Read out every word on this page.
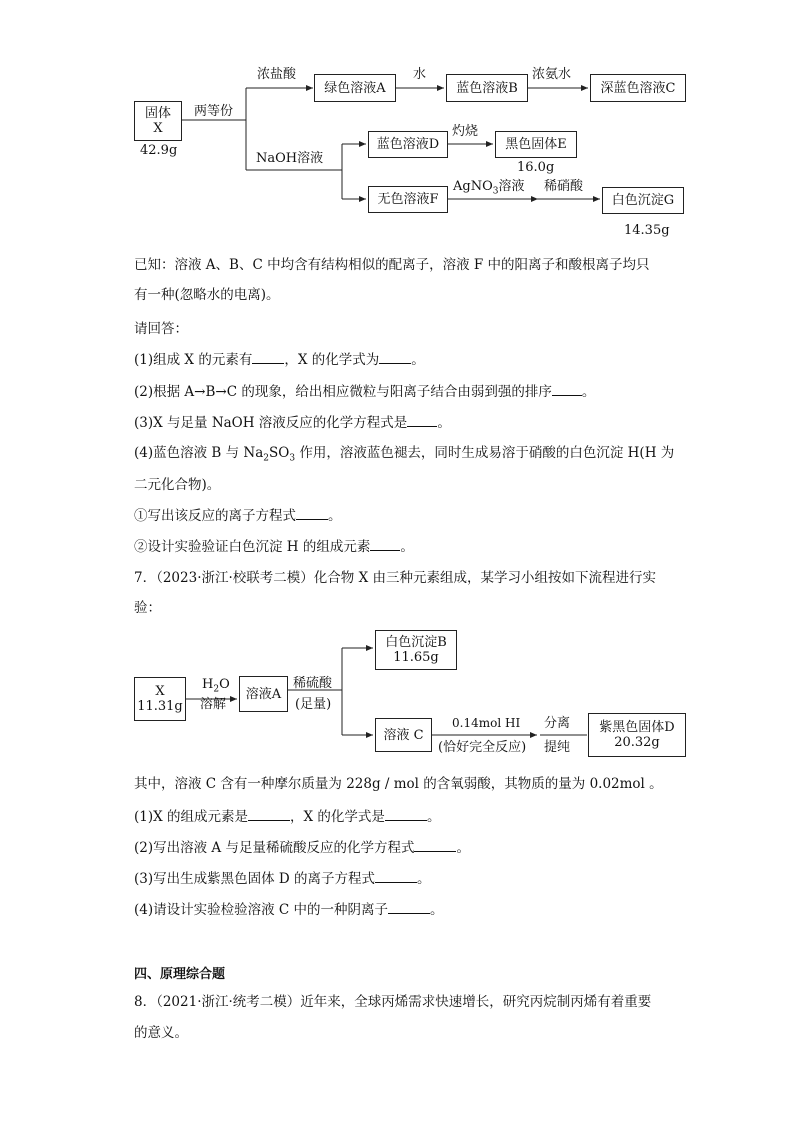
固体
X
42.9g
两等份
浓盐酸
绿色溶液A
水
蓝色溶液B
浓氨水
深蓝色溶液C
NaOH溶液
蓝色溶液D
灼烧
黑色固体E
16.0g
无色溶液F
AgNO$_3$溶液 稀硝酸
白色沉淀G
14.35g
已知：溶液 A、B、C 中均含有结构相似的配离子，溶液 F 中的阳离子和酸根离子均只
有一种(忽略水的电离)。
请回答：
(1)组成 X 的元素有 ，X 的化学式为 。
(2)根据 A→B→C 的现象，给出相应微粒与阳离子结合由弱到强的排序 。
(3)X 与足量 NaOH 溶液反应的化学方程式是 。
(4)蓝色溶液 B 与 $Na_2SO_3$ 作用，溶液蓝色褪去，同时生成易溶于硝酸的白色沉淀 H(H 为
二元化合物)。
①写出该反应的离子方程式 。
②设计实验验证白色沉淀 H 的组成元素 。
7．（2023·浙江·校联考二模）化合物 X 由三种元素组成，某学习小组按如下流程进行实
验：
X
11.31g
$H_2O$
溶解
溶液A
稀硫酸
(足量)
白色沉淀B
11.65g
溶液 C
0.14mol HI
(恰好完全反应)
分离
提纯
紫黑色固体D
20.32g
其中，溶液 C 含有一种摩尔质量为 228g / mol 的含氧弱酸，其物质的量为 0.02mol 。
(1)X 的组成元素是	，X 的化学式是	。
(2)写出溶液 A 与足量稀硫酸反应的化学方程式	。
(3)写出生成紫黑色固体 D 的离子方程式	。
(4)请设计实验检验溶液 C 中的一种阴离子	。
四、原理综合题
8．（2021·浙江·统考二模）近年来，全球丙烯需求快速增长，研究丙烷制丙烯有着重要
的意义。
